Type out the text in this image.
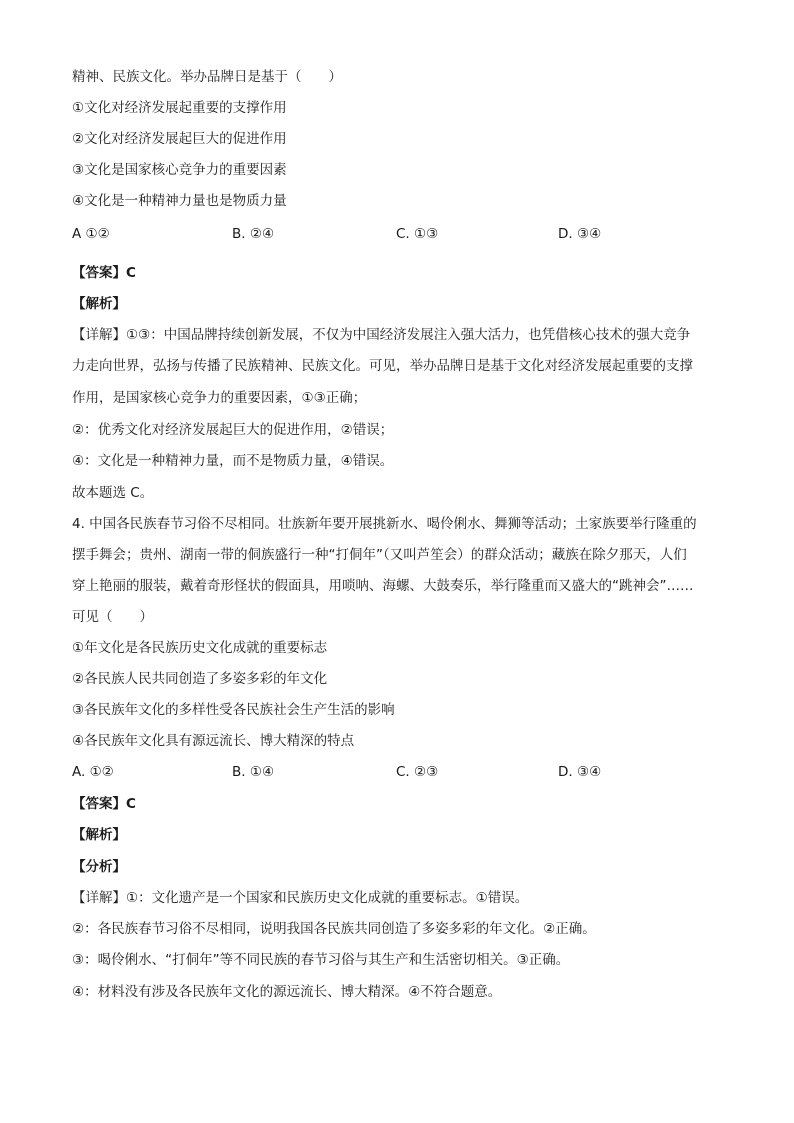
精神、民族文化。举办品牌日是基于（　　）
①文化对经济发展起重要的支撑作用
②文化对经济发展起巨大的促进作用
③文化是国家核心竞争力的重要因素
④文化是一种精神力量也是物质力量
A ①②	B. ②④	C. ①③	D. ③④
【答案】C
【解析】
【详解】①③：中国品牌持续创新发展，不仅为中国经济发展注入强大活力，也凭借核心技术的强大竞争
力走向世界，弘扬与传播了民族精神、民族文化。可见，举办品牌日是基于文化对经济发展起重要的支撑
作用，是国家核心竞争力的重要因素，①③正确；
②：优秀文化对经济发展起巨大的促进作用，②错误；
④：文化是一种精神力量，而不是物质力量，④错误。
故本题选 C。
4. 中国各民族春节习俗不尽相同。壮族新年要开展挑新水、喝伶俐水、舞狮等活动；土家族要举行隆重的
摆手舞会；贵州、湖南一带的侗族盛行一种“打侗年”（又叫芦笙会）的群众活动；藏族在除夕那天，人们
穿上艳丽的服装，戴着奇形怪状的假面具，用唢呐、海螺、大鼓奏乐，举行隆重而又盛大的“跳神会”……
可见（　　）
①年文化是各民族历史文化成就的重要标志
②各民族人民共同创造了多姿多彩的年文化
③各民族年文化的多样性受各民族社会生产生活的影响
④各民族年文化具有源远流长、博大精深的特点
A. ①②	B. ①④	C. ②③	D. ③④
【答案】C
【解析】
【分析】
【详解】①：文化遗产是一个国家和民族历史文化成就的重要标志。①错误。
②：各民族春节习俗不尽相同，说明我国各民族共同创造了多姿多彩的年文化。②正确。
③：喝伶俐水、“打侗年”等不同民族的春节习俗与其生产和生活密切相关。③正确。
④：材料没有涉及各民族年文化的源远流长、博大精深。④不符合题意。
